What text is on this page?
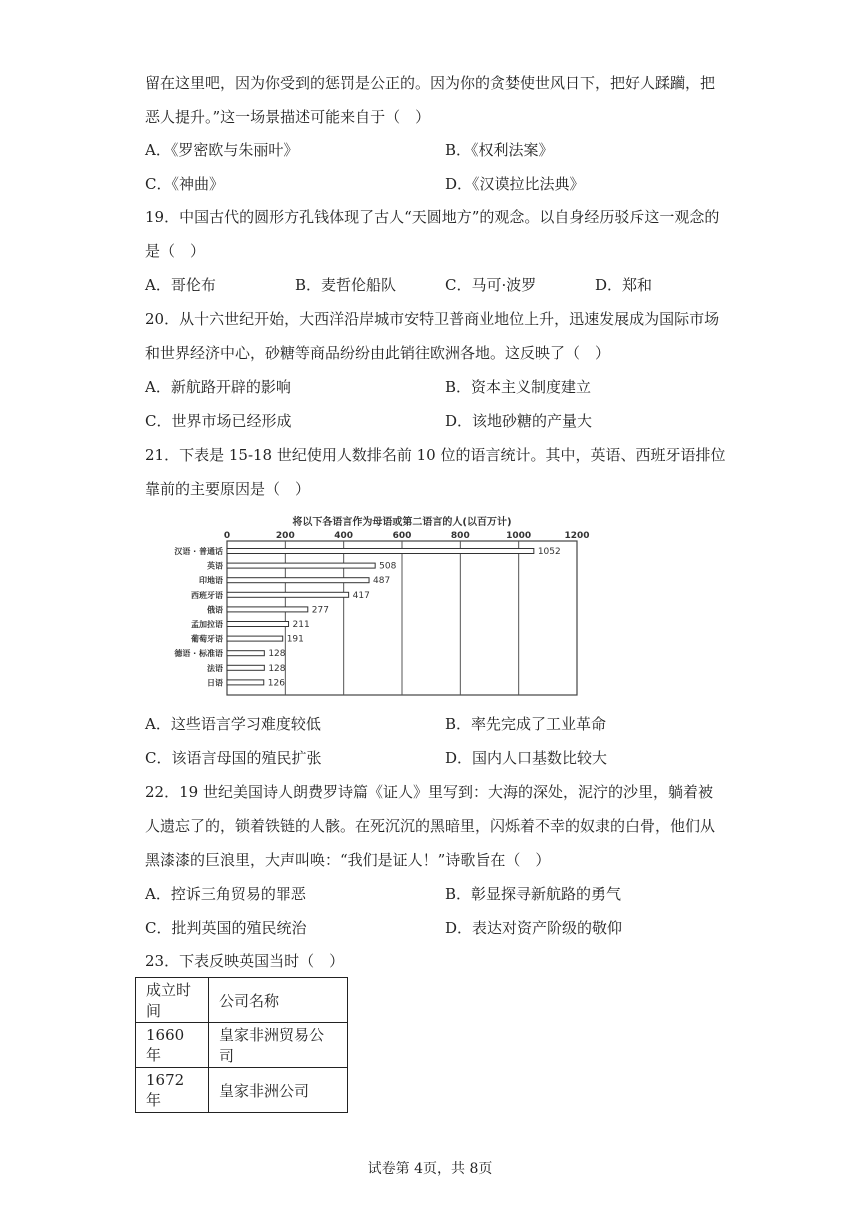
留在这里吧，因为你受到的惩罚是公正的。因为你的贪婪使世风日下，把好人蹂躏，把
恶人提升。”这一场景描述可能来自于（　）
A．《罗密欧与朱丽叶》	B．《权利法案》
C．《神曲》	D．《汉谟拉比法典》
19．中国古代的圆形方孔钱体现了古人“天圆地方”的观念。以自身经历驳斥这一观念的
是（　）
A．哥伦布	B．麦哲伦船队	C．马可·波罗	D．郑和
20．从十六世纪开始，大西洋沿岸城市安特卫普商业地位上升，迅速发展成为国际市场
和世界经济中心，砂糖等商品纷纷由此销往欧洲各地。这反映了（　）
A．新航路开辟的影响	B．资本主义制度建立
C．世界市场已经形成	D．该地砂糖的产量大
21．下表是 15-18 世纪使用人数排名前 10 位的语言统计。其中，英语、西班牙语排位
靠前的主要原因是（　）
将以下各语言作为母语或第二语言的人(以百万计)
0	200	400	600	800	1000	1200
汉语 · 普通话	1052
英语	508
印地语	487
西班牙语	417
俄语	277
孟加拉语	211
葡萄牙语	191
德语 · 标准语	128
法语	128
日语	126
A．这些语言学习难度较低	B．率先完成了工业革命
C．该语言母国的殖民扩张	D．国内人口基数比较大
22．19 世纪美国诗人朗费罗诗篇《证人》里写到：大海的深处，泥泞的沙里，躺着被
人遗忘了的，锁着铁链的人骸。在死沉沉的黑暗里，闪烁着不幸的奴隶的白骨，他们从
黑漆漆的巨浪里，大声叫唤：“我们是证人！”诗歌旨在（　）
A．控诉三角贸易的罪恶	B．彰显探寻新航路的勇气
C．批判英国的殖民统治	D．表达对资产阶级的敬仰
23．下表反映英国当时（　）
成立时间	公司名称
1660 年	皇家非洲贸易公司
1672 年	皇家非洲公司
试卷第 4页，共 8页
